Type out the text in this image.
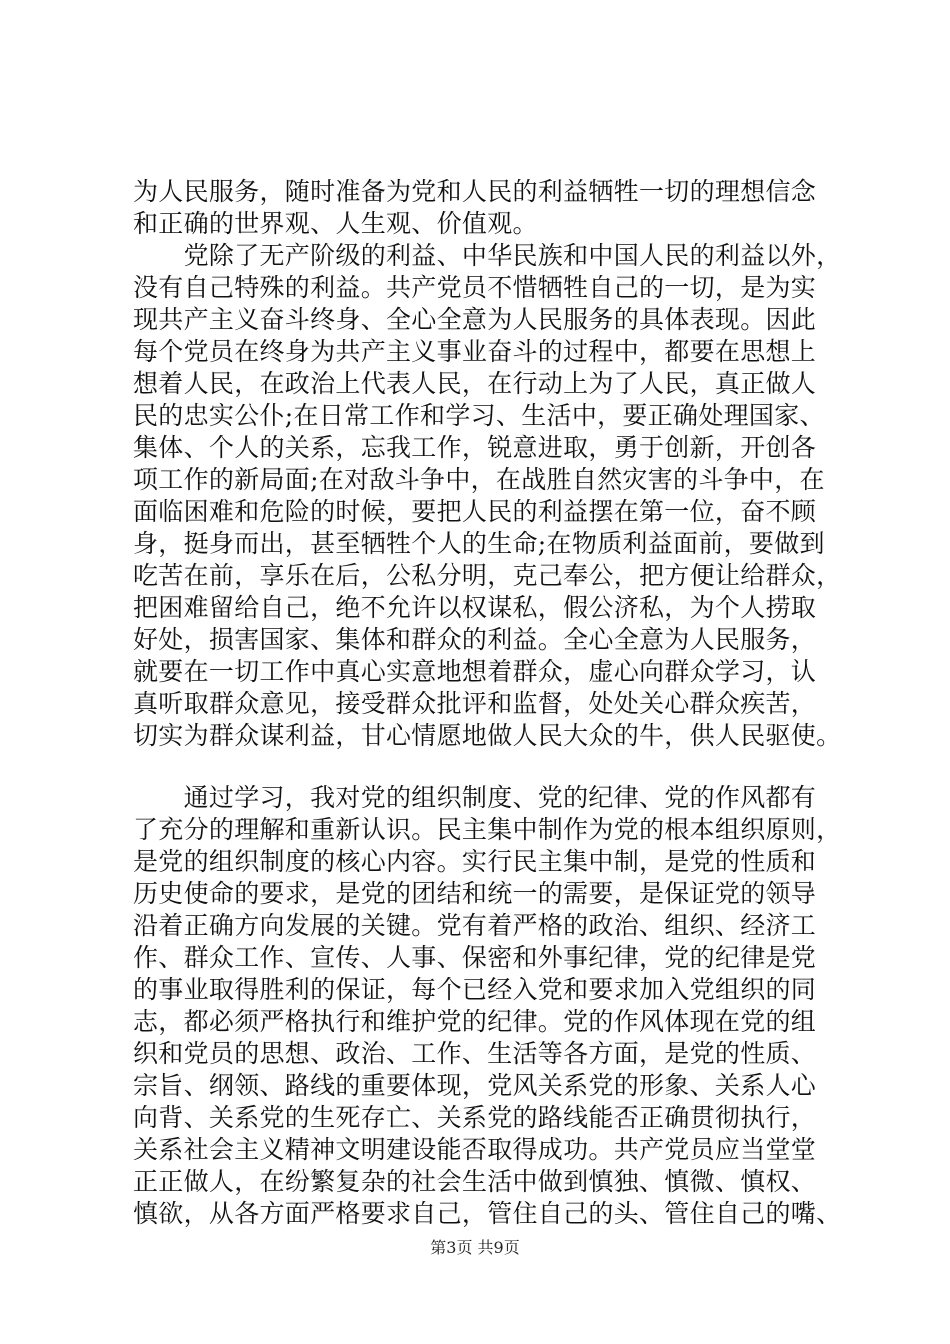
为人民服务，随时准备为党和人民的利益牺牲一切的理想信念
和正确的世界观、人生观、价值观。
　　党除了无产阶级的利益、中华民族和中国人民的利益以外，
没有自己特殊的利益。共产党员不惜牺牲自己的一切，是为实
现共产主义奋斗终身、全心全意为人民服务的具体表现。因此
每个党员在终身为共产主义事业奋斗的过程中，都要在思想上
想着人民，在政治上代表人民，在行动上为了人民，真正做人
民的忠实公仆;在日常工作和学习、生活中，要正确处理国家、
集体、个人的关系，忘我工作，锐意进取，勇于创新，开创各
项工作的新局面;在对敌斗争中，在战胜自然灾害的斗争中，在
面临困难和危险的时候，要把人民的利益摆在第一位，奋不顾
身，挺身而出，甚至牺牲个人的生命;在物质利益面前，要做到
吃苦在前，享乐在后，公私分明，克己奉公，把方便让给群众，
把困难留给自己，绝不允许以权谋私，假公济私，为个人捞取
好处，损害国家、集体和群众的利益。全心全意为人民服务，
就要在一切工作中真心实意地想着群众，虚心向群众学习，认
真听取群众意见，接受群众批评和监督，处处关心群众疾苦，
切实为群众谋利益，甘心情愿地做人民大众的牛，供人民驱使。
　　通过学习，我对党的组织制度、党的纪律、党的作风都有
了充分的理解和重新认识。民主集中制作为党的根本组织原则，
是党的组织制度的核心内容。实行民主集中制，是党的性质和
历史使命的要求，是党的团结和统一的需要，是保证党的领导
沿着正确方向发展的关键。党有着严格的政治、组织、经济工
作、群众工作、宣传、人事、保密和外事纪律，党的纪律是党
的事业取得胜利的保证，每个已经入党和要求加入党组织的同
志，都必须严格执行和维护党的纪律。党的作风体现在党的组
织和党员的思想、政治、工作、生活等各方面，是党的性质、
宗旨、纲领、路线的重要体现，党风关系党的形象、关系人心
向背、关系党的生死存亡、关系党的路线能否正确贯彻执行，
关系社会主义精神文明建设能否取得成功。共产党员应当堂堂
正正做人，在纷繁复杂的社会生活中做到慎独、慎微、慎权、
慎欲，从各方面严格要求自己，管住自己的头、管住自己的嘴、
第3页 共9页
